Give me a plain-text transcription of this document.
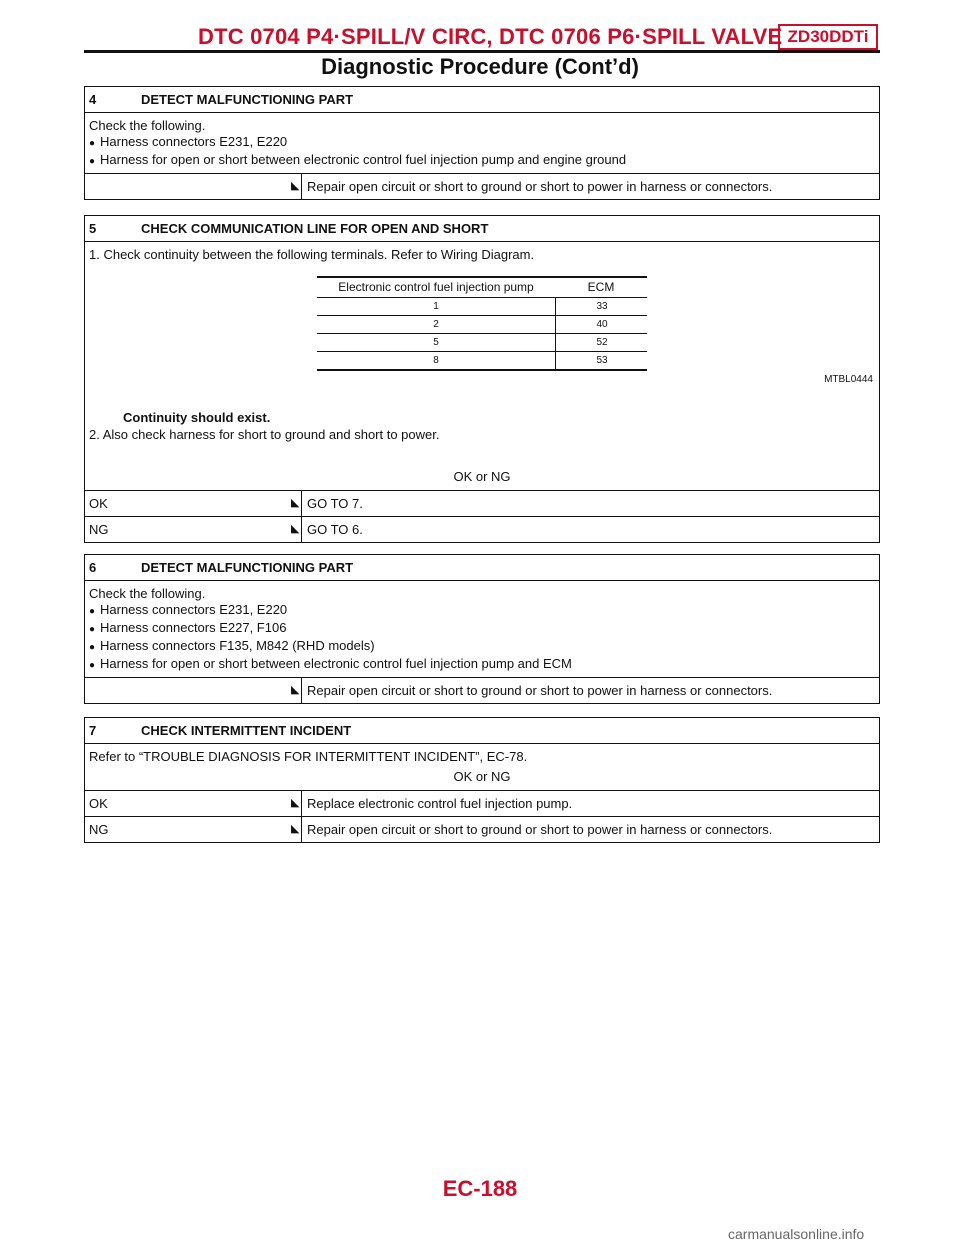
DTC 0704 P4·SPILL/V CIRC, DTC 0706 P6·SPILL VALVE ZD30DDTi
Diagnostic Procedure (Cont’d)
4	DETECT MALFUNCTIONING PART
Check the following.
● Harness connectors E231, E220
● Harness for open or short between electronic control fuel injection pump and engine ground
◣ Repair open circuit or short to ground or short to power in harness or connectors.
5	CHECK COMMUNICATION LINE FOR OPEN AND SHORT
1. Check continuity between the following terminals. Refer to Wiring Diagram.
Electronic control fuel injection pump	ECM
1	33
2	40
5	52
8	53
MTBL0444
Continuity should exist.
2. Also check harness for short to ground and short to power.
OK or NG
OK	◣ GO TO 7.
NG	◣ GO TO 6.
6	DETECT MALFUNCTIONING PART
Check the following.
● Harness connectors E231, E220
● Harness connectors E227, F106
● Harness connectors F135, M842 (RHD models)
● Harness for open or short between electronic control fuel injection pump and ECM
◣ Repair open circuit or short to ground or short to power in harness or connectors.
7	CHECK INTERMITTENT INCIDENT
Refer to “TROUBLE DIAGNOSIS FOR INTERMITTENT INCIDENT”, EC-78.
OK or NG
OK	◣ Replace electronic control fuel injection pump.
NG	◣ Repair open circuit or short to ground or short to power in harness or connectors.
EC-188
carmanualsonline.info
